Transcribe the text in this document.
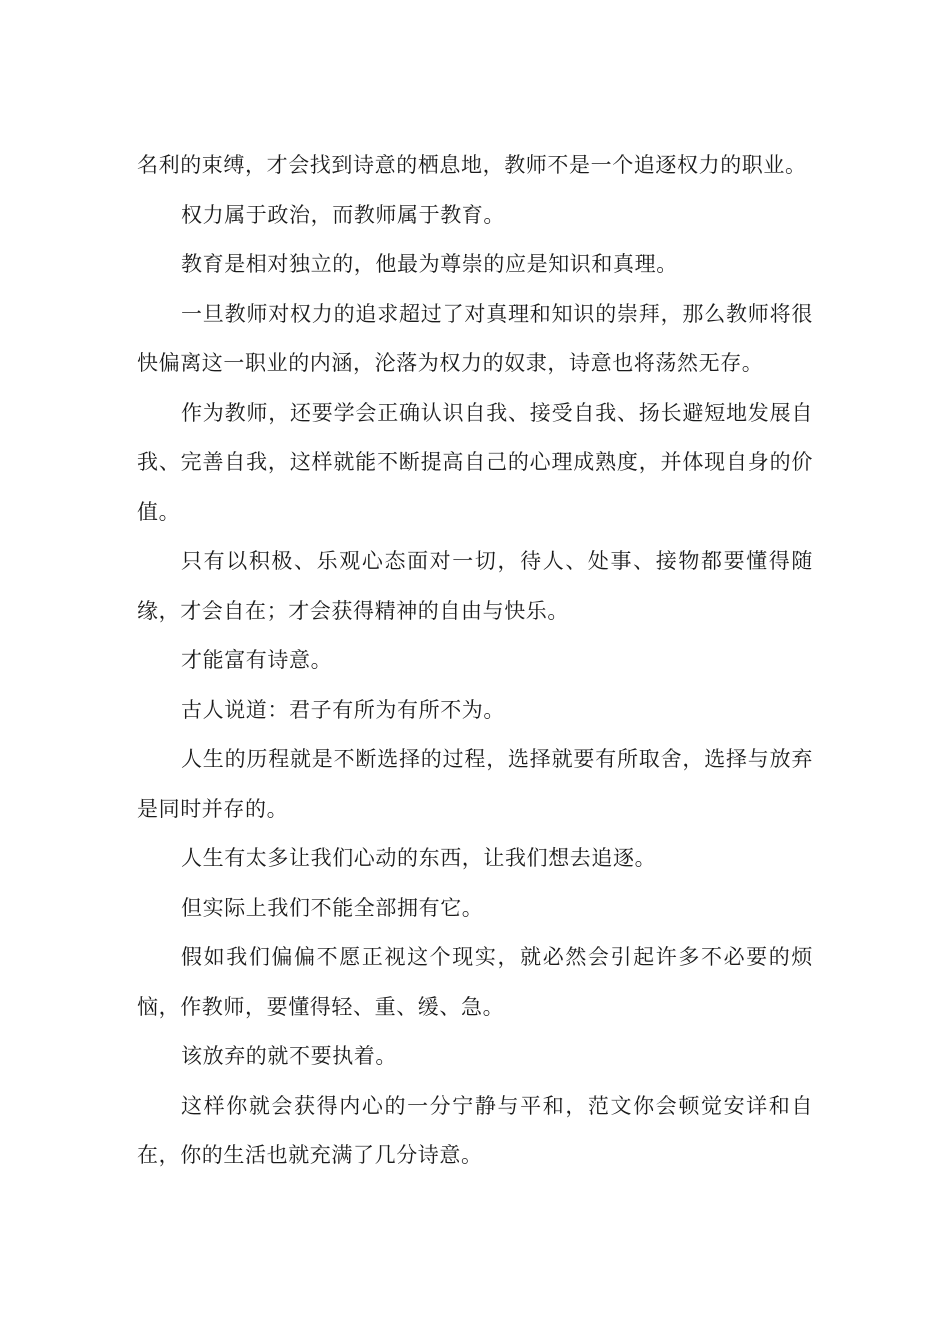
名利的束缚，才会找到诗意的栖息地，教师不是一个追逐权力的职业。

权力属于政治，而教师属于教育。

教育是相对独立的，他最为尊崇的应是知识和真理。

一旦教师对权力的追求超过了对真理和知识的崇拜，那么教师将很快偏离这一职业的内涵，沦落为权力的奴隶，诗意也将荡然无存。

作为教师，还要学会正确认识自我、接受自我、扬长避短地发展自我、完善自我，这样就能不断提高自己的心理成熟度，并体现自身的价值。

只有以积极、乐观心态面对一切，待人、处事、接物都要懂得随缘，才会自在；才会获得精神的自由与快乐。

才能富有诗意。

古人说道：君子有所为有所不为。

人生的历程就是不断选择的过程，选择就要有所取舍，选择与放弃是同时并存的。

人生有太多让我们心动的东西，让我们想去追逐。

但实际上我们不能全部拥有它。

假如我们偏偏不愿正视这个现实，就必然会引起许多不必要的烦恼，作教师，要懂得轻、重、缓、急。

该放弃的就不要执着。

这样你就会获得内心的一分宁静与平和，范文你会顿觉安详和自在，你的生活也就充满了几分诗意。
